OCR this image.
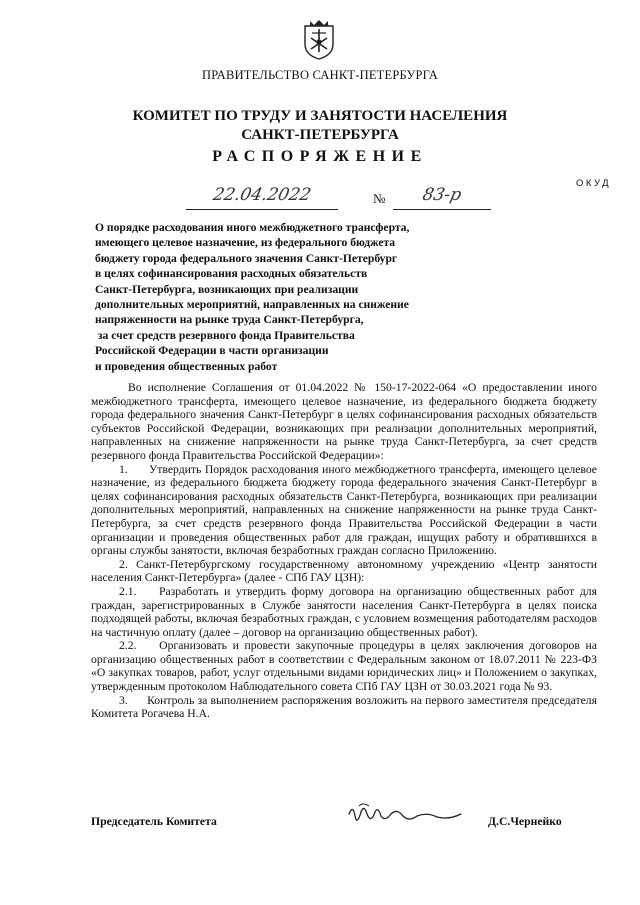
ПРАВИТЕЛЬСТВО САНКТ-ПЕТЕРБУРГА
КОМИТЕТ ПО ТРУДУ И ЗАНЯТОСТИ НАСЕЛЕНИЯ
САНКТ-ПЕТЕРБУРГА
РАСПОРЯЖЕНИЕ
ОКУД
22.04.2022	№	83-р
О порядке расходования иного межбюджетного трансферта,
имеющего целевое назначение, из федерального бюджета
бюджету города федерального значения Санкт-Петербург
в целях софинансирования расходных обязательств
Санкт-Петербурга, возникающих при реализации
дополнительных мероприятий, направленных на снижение
напряженности на рынке труда Санкт-Петербурга,
за счет средств резервного фонда Правительства
Российской Федерации в части организации
и проведения общественных работ

Во исполнение Соглашения от 01.04.2022 № 150-17-2022-064 «О предоставлении иного межбюджетного трансферта, имеющего целевое назначение, из федерального бюджета бюджету города федерального значения Санкт-Петербург в целях софинансирования расходных обязательств субъектов Российской Федерации, возникающих при реализации дополнительных мероприятий, направленных на снижение напряженности на рынке труда Санкт-Петербурга, за счет средств резервного фонда Правительства Российской Федерации»:

1.      Утвердить Порядок расходования иного межбюджетного трансферта, имеющего целевое назначение, из федерального бюджета бюджету города федерального значения Санкт-Петербург в целях софинансирования расходных обязательств Санкт-Петербурга, возникающих при реализации дополнительных мероприятий, направленных на снижение напряженности на рынке труда Санкт-Петербурга, за счет средств резервного фонда Правительства Российской Федерации в части организации и проведения общественных работ для граждан, ищущих работу и обратившихся в органы службы занятости, включая безработных граждан согласно Приложению.

2. Санкт-Петербургскому государственному автономному учреждению «Центр занятости населения Санкт-Петербурга» (далее - СПб ГАУ ЦЗН):

2.1.    Разработать и утвердить форму договора на организацию общественных работ для граждан, зарегистрированных в Службе занятости населения Санкт-Петербурга в целях поиска подходящей работы, включая безработных граждан, с условием возмещения работодателям расходов на частичную оплату (далее – договор на организацию общественных работ).

2.2.    Организовать и провести закупочные процедуры в целях заключения договоров на организацию общественных работ в соответствии с Федеральным законом от 18.07.2011 № 223-ФЗ «О закупках товаров, работ, услуг отдельными видами юридических лиц» и Положением о закупках, утвержденным протоколом Наблюдательного совета СПб ГАУ ЦЗН от 30.03.2021 года № 93.

3.      Контроль за выполнением распоряжения возложить на первого заместителя председателя Комитета Рогачева Н.А.

Председатель Комитета	Д.С.Чернейко
